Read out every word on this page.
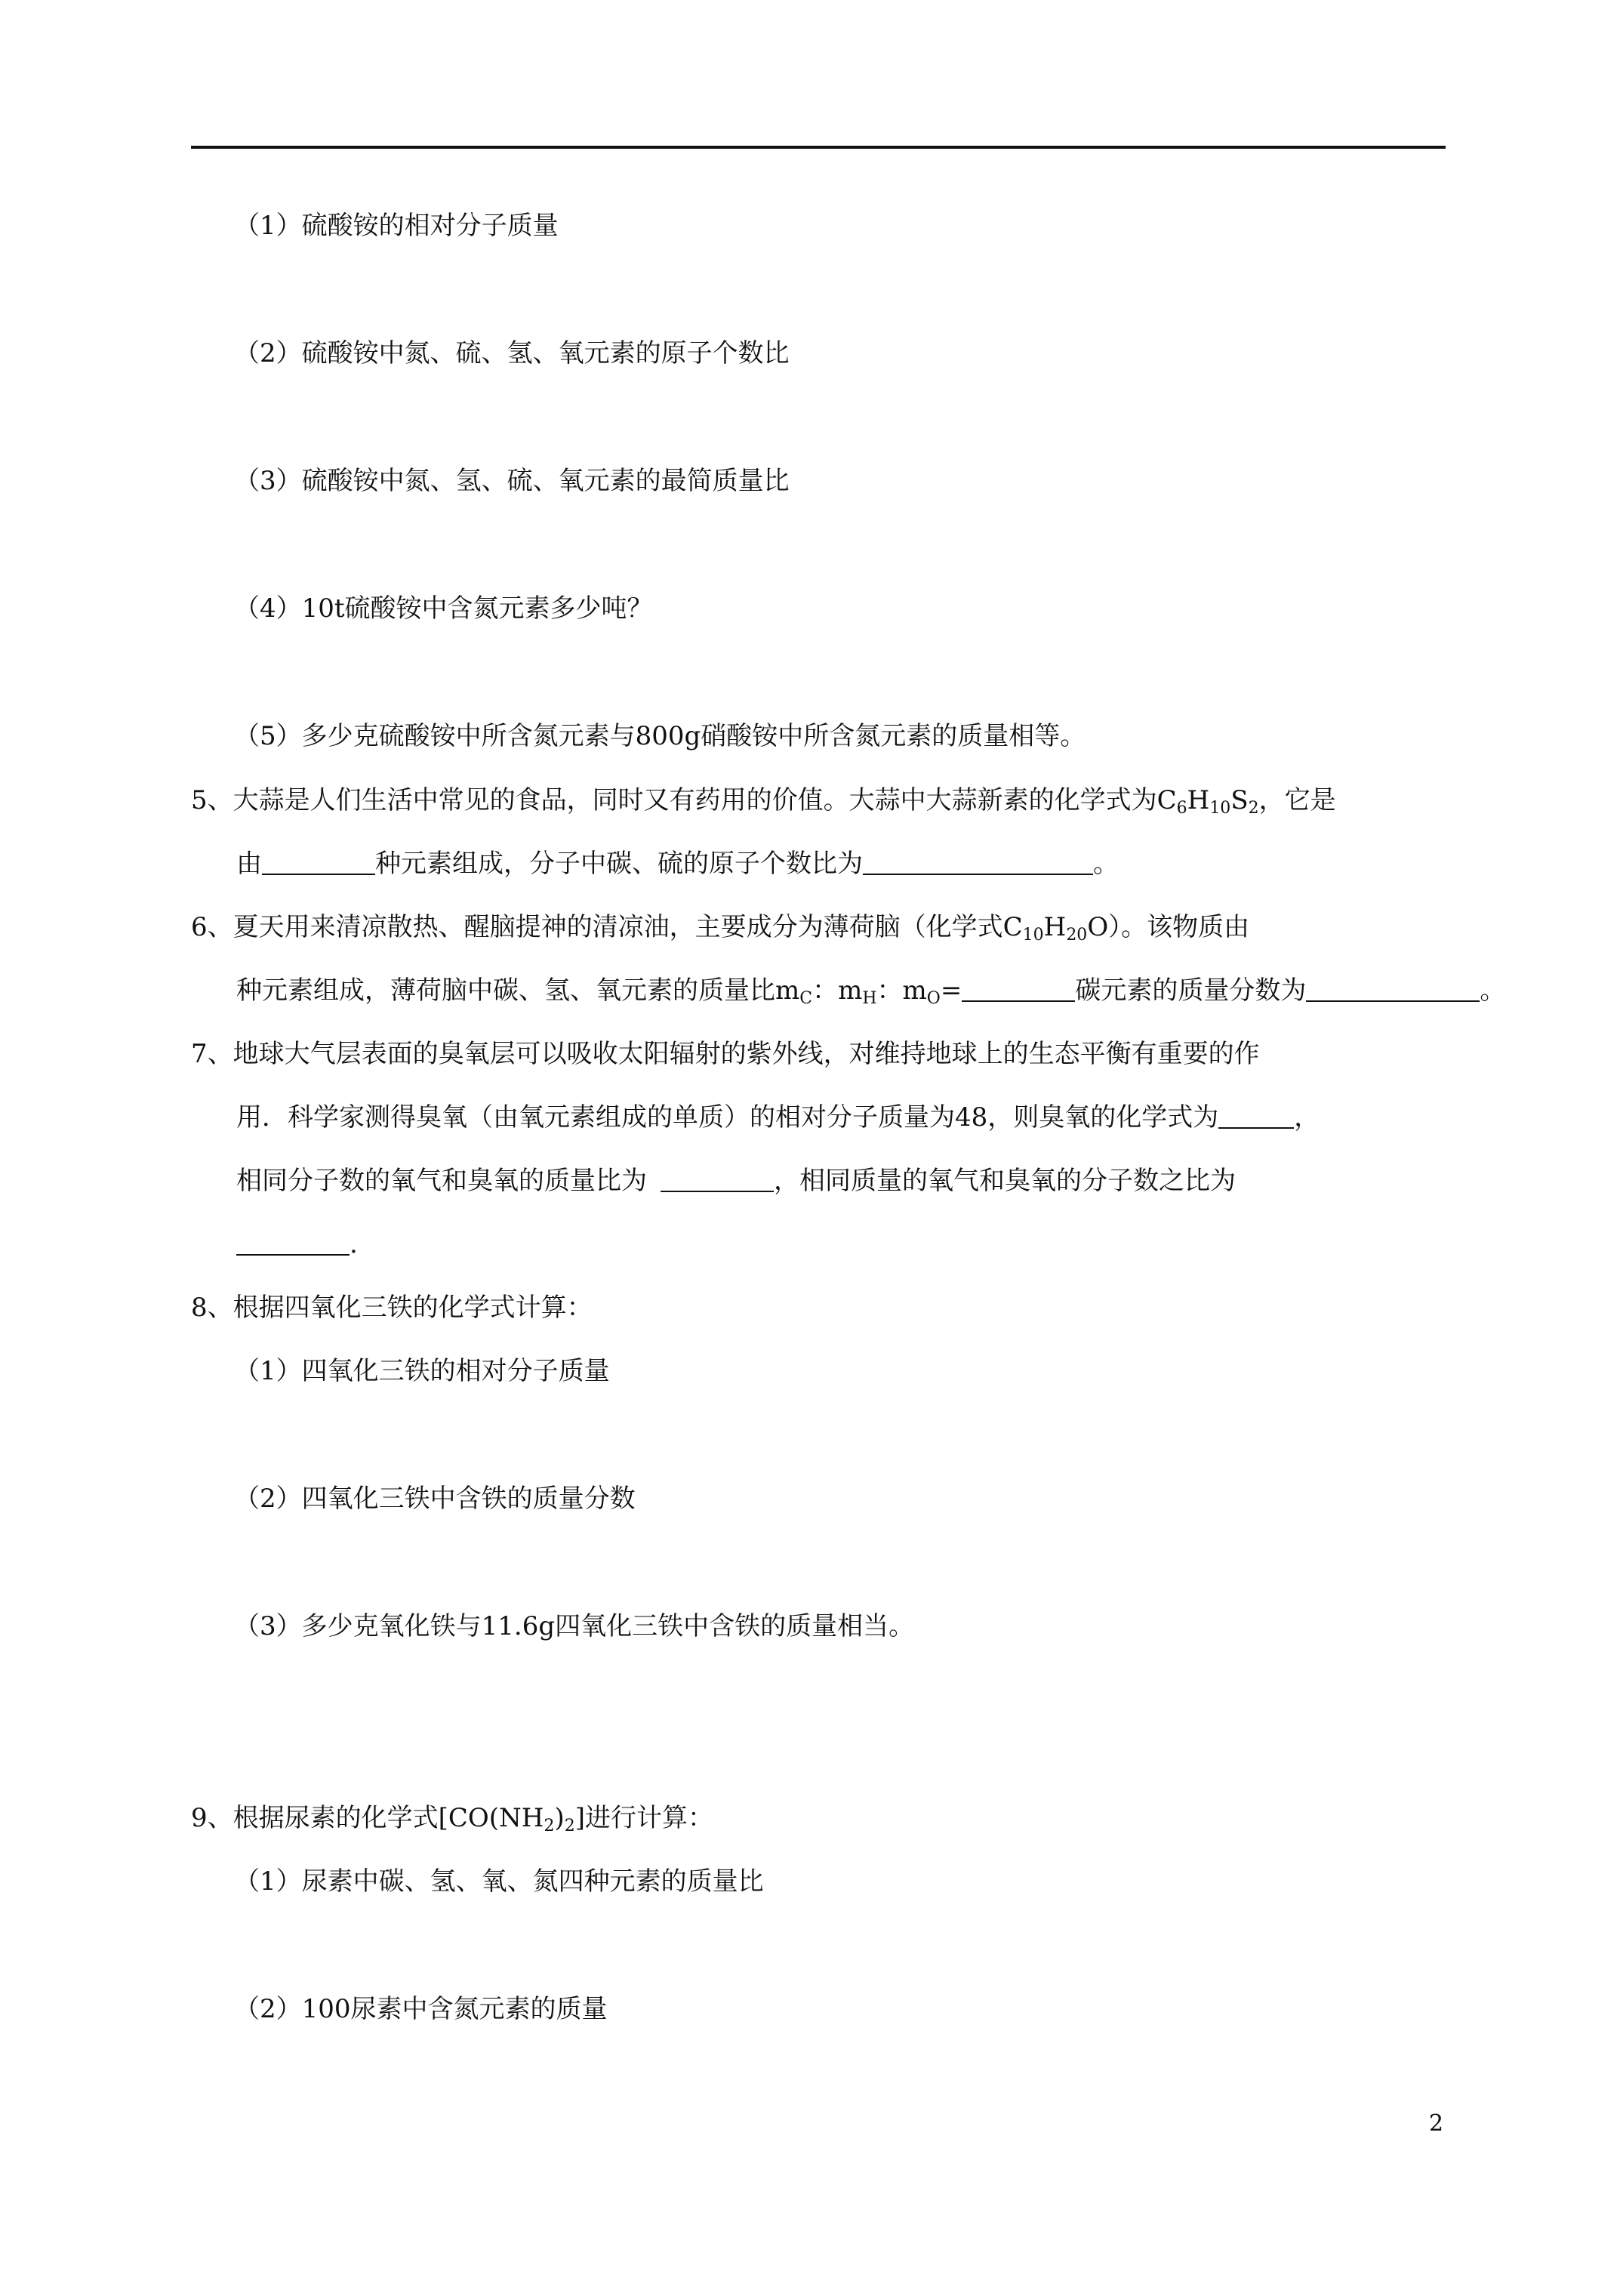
（1）硫酸铵的相对分子质量
（2）硫酸铵中氮、硫、氢、氧元素的原子个数比
（3）硫酸铵中氮、氢、硫、氧元素的最简质量比
（4）10t硫酸铵中含氮元素多少吨？
（5）多少克硫酸铵中所含氮元素与800g硝酸铵中所含氮元素的质量相等。
5、大蒜是人们生活中常见的食品，同时又有药用的价值。大蒜中大蒜新素的化学式为$C_6H_{10}S_2$，它是
由	种元素组成，分子中碳、硫的原子个数比为	。
6、夏天用来清凉散热、醒脑提神的清凉油，主要成分为薄荷脑（化学式$C_{10}H_{20}O$）。该物质由
种元素组成，薄荷脑中碳、氢、氧元素的质量比$m_C$：$m_H$：$m_O=$	碳元素的质量分数为	。
7、地球大气层表面的臭氧层可以吸收太阳辐射的紫外线，对维持地球上的生态平衡有重要的作
用．科学家测得臭氧（由氧元素组成的单质）的相对分子质量为48，则臭氧的化学式为	，
相同分子数的氧气和臭氧的质量比为	，相同质量的氧气和臭氧的分子数之比为
.
8、根据四氧化三铁的化学式计算：
（1）四氧化三铁的相对分子质量
（2）四氧化三铁中含铁的质量分数
（3）多少克氧化铁与11.6g四氧化三铁中含铁的质量相当。
9、根据尿素的化学式$[CO(NH_2)_2]$进行计算：
（1）尿素中碳、氢、氧、氮四种元素的质量比
（2）100尿素中含氮元素的质量
2
